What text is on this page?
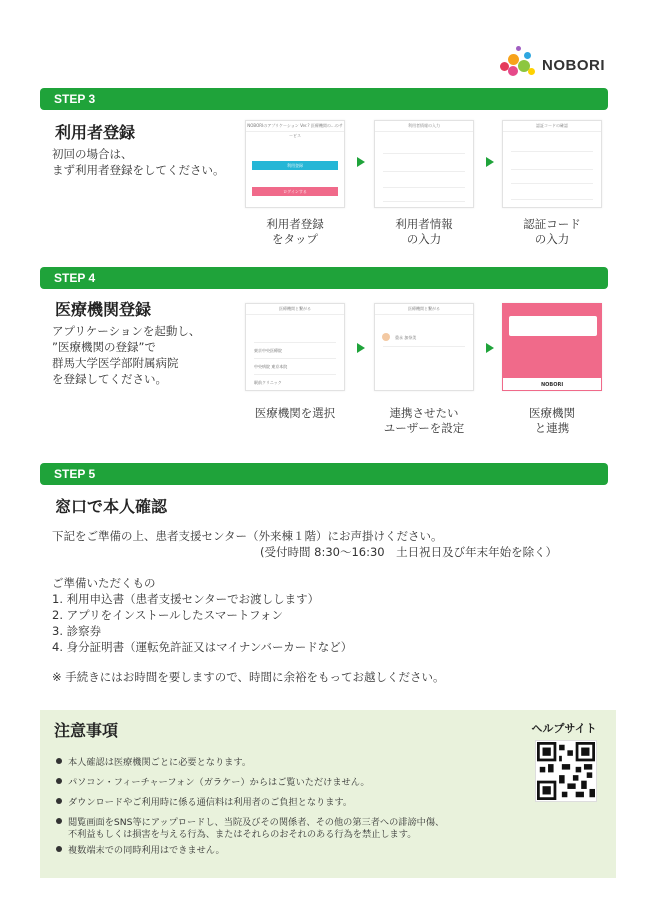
NOBORI
STEP 3
利用者登録
初回の場合は、
まず利用者登録をしてください。
NOBORIのアプリケーション Ver.? 医療機関の...のサービス
利用登録
ログインする
利用者情報の入力	認証コードの確認
利用者登録
をタップ
利用者情報
の入力
認証コード
の入力
STEP 4
医療機関登録
アプリケーションを起動し、
”医療機関の登録”で
群馬大学医学部附属病院
を登録してください。
医療機関と繋がる
東京中央医療院
中央病院 東京本院
駅前クリニック
医療機関と繋がる
重永 加奈美
NOBORI
医療機関を選択	連携させたい
ユーザーを設定
医療機関
と連携
STEP 5
窓口で本人確認
下記をご準備の上、患者支援センター（外来棟１階）にお声掛けください。
(受付時間 8:30〜16:30　土日祝日及び年末年始を除く）
ご準備いただくもの
1. 利用申込書（患者支援センターでお渡しします）
2. アプリをインストールしたスマートフォン
3. 診察券
4. 身分証明書（運転免許証又はマイナンバーカードなど）
※ 手続きにはお時間を要しますので、時間に余裕をもってお越しください。
注意事項	ヘルプサイト
本人確認は医療機関ごとに必要となります。
パソコン・フィーチャーフォン（ガラケー）からはご覧いただけません。
ダウンロードやご利用時に係る通信料は利用者のご負担となります。
閲覧画面をSNS等にアップロードし、当院及びその関係者、その他の第三者への誹謗中傷、
不利益もしくは損害を与える行為、またはそれらのおそれのある行為を禁止します。
複数端末での同時利用はできません。
